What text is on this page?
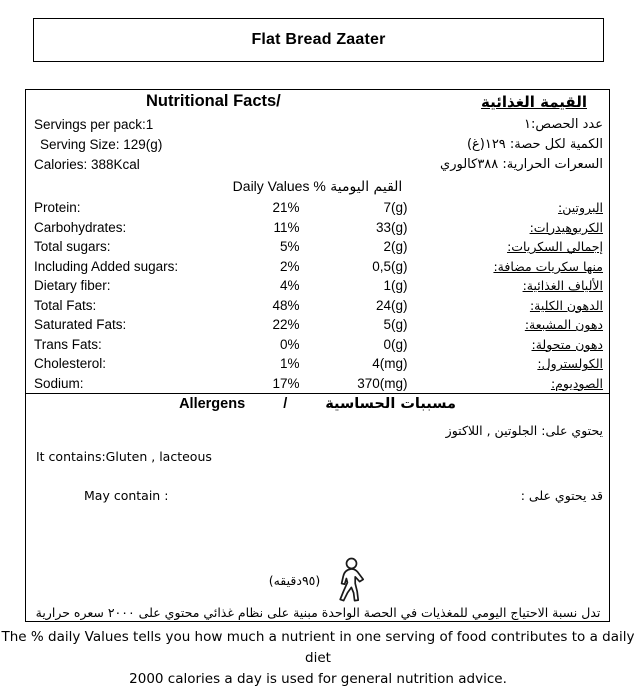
Flat Bread Zaater
Nutritional Facts/ القيمة الغذائية				

Servings per pack:1 عدد الحصص:١				

Serving Size: 129(g) الكمية لكل حصة: ١٢٩(غ)				

Calories: 388Kcal السعرات الحرارية: ٣٨٨كالوري				

القيم اليومية Daily Values %				

Protein:	21%	7(g)		البروتين:
Carbohydrates:	11%	33(g)		الكربوهيدرات:
Total sugars:	5%	2(g)		إجمالي السكريات:
Including Added sugars:	2%	0,5(g)		منها سكريات مضافة:
Dietary fiber:	4%	1(g)		الألياف الغذائية:
Total Fats:	48%	24(g)		الدهون الكلية:
Saturated Fats:	22%	5(g)		دهون المشبعة:
Trans Fats:	0%	0(g)		دهون متحولة:
Cholesterol:	1%	4(mg)		الكولسترول:
Sodium:	17%	370(mg)		الصوديوم:

Allergens / مسببات الحساسية				

يحتوي على: الجلوتين , اللاكتوز
It contains:Gluten , lacteous				

قد يحتوي على :
May contain :				

(٩٥دقيقه)				
تدل نسبة الاحتياج اليومي للمغذيات في الحصة الواحدة مبنية على نظام غذائي محتوي على ٢٠٠٠ سعره حرارية
The % daily Values tells you how much a nutrient in one serving of food contributes to a daily diet
2000 calories a day is used for general nutrition advice.
